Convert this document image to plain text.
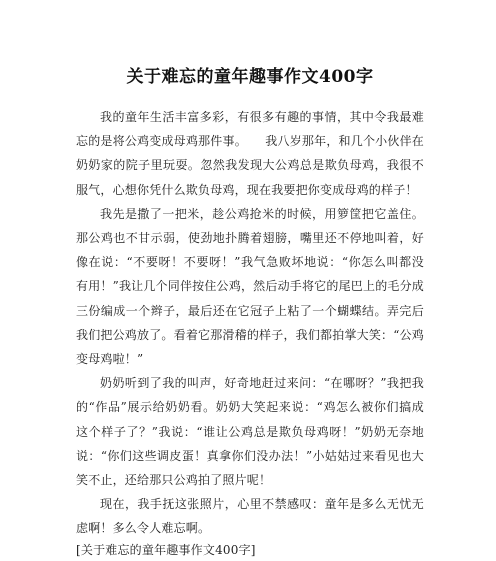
关于难忘的童年趣事作文400字

我的童年生活丰富多彩，有很多有趣的事情，其中令我最难忘的是将公鸡变成母鸡那件事。　　我八岁那年，和几个小伙伴在奶奶家的院子里玩耍。忽然我发现大公鸡总是欺负母鸡，我很不服气，心想你凭什么欺负母鸡，现在我要把你变成母鸡的样子！

我先是撒了一把米，趁公鸡抢米的时候，用箩筐把它盖住。那公鸡也不甘示弱，使劲地扑腾着翅膀，嘴里还不停地叫着，好像在说：“不要呀！不要呀！”我气急败坏地说：“你怎么叫都没有用！”我让几个同伴按住公鸡，然后动手将它的尾巴上的毛分成三份编成一个辫子，最后还在它冠子上粘了一个蝴蝶结。弄完后我们把公鸡放了。看着它那滑稽的样子，我们都拍掌大笑：“公鸡变母鸡啦！”

奶奶听到了我的叫声，好奇地赶过来问：“在哪呀？”我把我的“作品”展示给奶奶看。奶奶大笑起来说：“鸡怎么被你们搞成这个样子了？”我说：“谁让公鸡总是欺负母鸡呀！”奶奶无奈地说：“你们这些调皮蛋！真拿你们没办法！”小姑姑过来看见也大笑不止，还给那只公鸡拍了照片呢！

现在，我手抚这张照片，心里不禁感叹：童年是多么无忧无虑啊！多么令人难忘啊。

[关于难忘的童年趣事作文400字]
